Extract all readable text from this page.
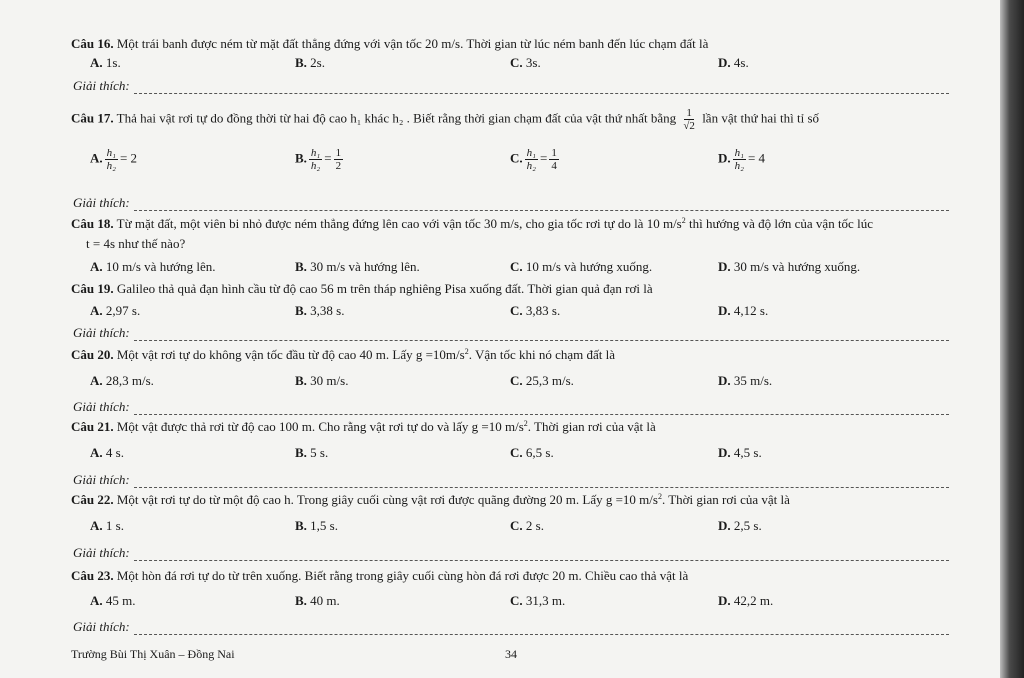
Câu 16. Một trái banh được ném từ mặt đất thẳng đứng với vận tốc 20 m/s. Thời gian từ lúc ném banh đến lúc chạm đất là
A. 1s.	B. 2s.	C. 3s.	D. 4s.
Giải thích:
Câu 17. Thả hai vật rơi tự do đồng thời từ hai độ cao h₁ khác h₂ . Biết rằng thời gian chạm đất của vật thứ nhất bằng $\frac{1}{√2}$ lần vật thứ hai thì tỉ số
A. $\frac{\text{h₁}}{\text{h₂}} = 2$	B. $\frac{\text{h₁}}{\text{h₂}} = \frac{1}{2}$	C. $\frac{\text{h₁}}{\text{h₂}} = \frac{1}{4}$	D. $\frac{\text{h₁}}{\text{h₂}} = 4$
Giải thích:
Câu 18. Từ mặt đất, một viên bi nhỏ được ném thẳng đứng lên cao với vận tốc 30 m/s, cho gia tốc rơi tự do là 10 $m/s^2$ thì hướng và độ lớn của vận tốc lúc
t = 4s như thế nào?
A. 10 m/s và hướng lên.	B. 30 m/s và hướng lên.	C. 10 m/s và hướng xuống.	D. 30 m/s và hướng xuống.
Câu 19. Galileo thả quả đạn hình cầu từ độ cao 56 m trên tháp nghiêng Pisa xuống đất. Thời gian quả đạn rơi là
A. 2,97 s.	B. 3,38 s.	C. 3,83 s.	D. 4,12 s.
Giải thích:
Câu 20. Một vật rơi tự do không vận tốc đầu từ độ cao 40 m. Lấy $g =10m/s^2$. Vận tốc khi nó chạm đất là
A. 28,3 m/s.	B. 30 m/s.	C. 25,3 m/s.	D. 35 m/s.
Giải thích:
Câu 21. Một vật được thả rơi từ độ cao 100 m. Cho rằng vật rơi tự do và lấy g =10 $m/s^2$. Thời gian rơi của vật là
A. 4 s.	B. 5 s.	C. 6,5 s.	D. 4,5 s.
Giải thích:
Câu 22. Một vật rơi tự do từ một độ cao h. Trong giây cuối cùng vật rơi được quãng đường 20 m. Lấy g =10 $m/s^2$. Thời gian rơi của vật là
A. 1 s.	B. 1,5 s.	C. 2 s.	D. 2,5 s.
Giải thích:
Câu 23. Một hòn đá rơi tự do từ trên xuống. Biết rằng trong giây cuối cùng hòn đá rơi được 20 m. Chiều cao thả vật là
A. 45 m.	B. 40 m.	C. 31,3 m.	D. 42,2 m.
Giải thích:
Trường Bùi Thị Xuân – Đồng Nai	34
